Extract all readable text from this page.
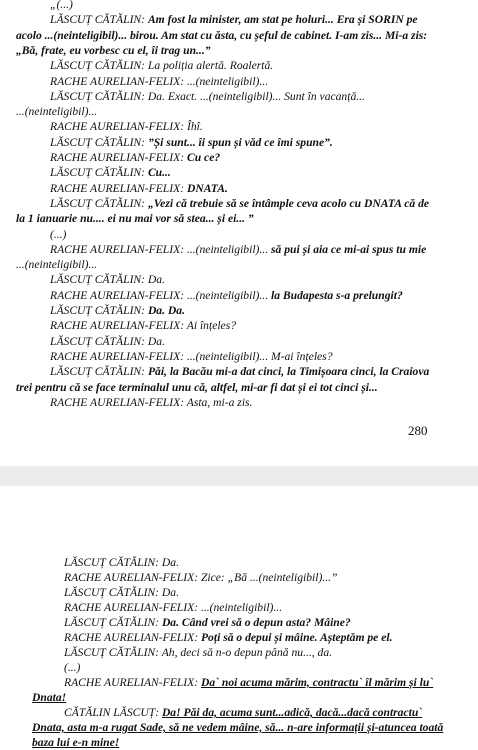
„(...)
LĂSCUȚ CĂTĂLIN: Am fost la minister, am stat pe holuri... Era și SORIN pe
acolo ...(neinteligibil)... birou. Am stat cu ăsta, cu șeful de cabinet. I-am zis... Mi-a zis:
„Bă, frate, eu vorbesc cu el, îi trag un...”
LĂSCUȚ CĂTĂLIN: La poliția alertă. Roalertă.
RACHE AURELIAN-FELIX: ...(neinteligibil)...
LĂSCUȚ CĂTĂLIN: Da. Exact. ...(neinteligibil)... Sunt în vacanță...
...(neinteligibil)...
RACHE AURELIAN-FELIX: Îhî.
LĂSCUȚ CĂTĂLIN: ”Și sunt... îi spun și văd ce îmi spune”.
RACHE AURELIAN-FELIX: Cu ce?
LĂSCUȚ CĂTĂLIN: Cu...
RACHE AURELIAN-FELIX: DNATA.
LĂSCUȚ CĂTĂLIN: „Vezi că trebuie să se întâmple ceva acolo cu DNATA că de
la 1 ianuarie nu.... ei nu mai vor să stea... și ei... ”
(...)
RACHE AURELIAN-FELIX: ...(neinteligibil)... să pui și aia ce mi-ai spus tu mie
...(neinteligibil)...
LĂSCUȚ CĂTĂLIN: Da.
RACHE AURELIAN-FELIX: ...(neinteligibil)... la Budapesta s-a prelungit?
LĂSCUȚ CĂTĂLIN: Da. Da.
RACHE AURELIAN-FELIX: Ai înțeles?
LĂSCUȚ CĂTĂLIN: Da.
RACHE AURELIAN-FELIX: ...(neinteligibil)... M-ai înțeles?
LĂSCUȚ CĂTĂLIN: Păi, la Bacău mi-a dat cinci, la Timișoara cinci, la Craiova
trei pentru că se face terminalul unu că, altfel, mi-ar fi dat și ei tot cinci și...
RACHE AURELIAN-FELIX: Asta, mi-a zis.
280
LĂSCUȚ CĂTĂLIN: Da.
RACHE AURELIAN-FELIX: Zice: „Bă ...(neinteligibil)...”
LĂSCUȚ CĂTĂLIN: Da.
RACHE AURELIAN-FELIX: ...(neinteligibil)...
LĂSCUȚ CĂTĂLIN: Da. Când vrei să o depun asta? Mâine?
RACHE AURELIAN-FELIX: Poți să o depui și mâine. Așteptăm pe el.
LĂSCUȚ CĂTĂLIN: Ah, deci să n-o depun până nu..., da.
(...)
RACHE AURELIAN-FELIX: Da` noi acuma mărim, contractu` îl mărim și lu`
Dnata!
CĂTĂLIN LĂSCUȚ: Da! Păi da, acuma sunt...adică, dacă...dacă contractu`
Dnata, asta m-a rugat Sade, să ne vedem mâine, să... n-are informații și-atuncea toată
baza lui e-n mine!
